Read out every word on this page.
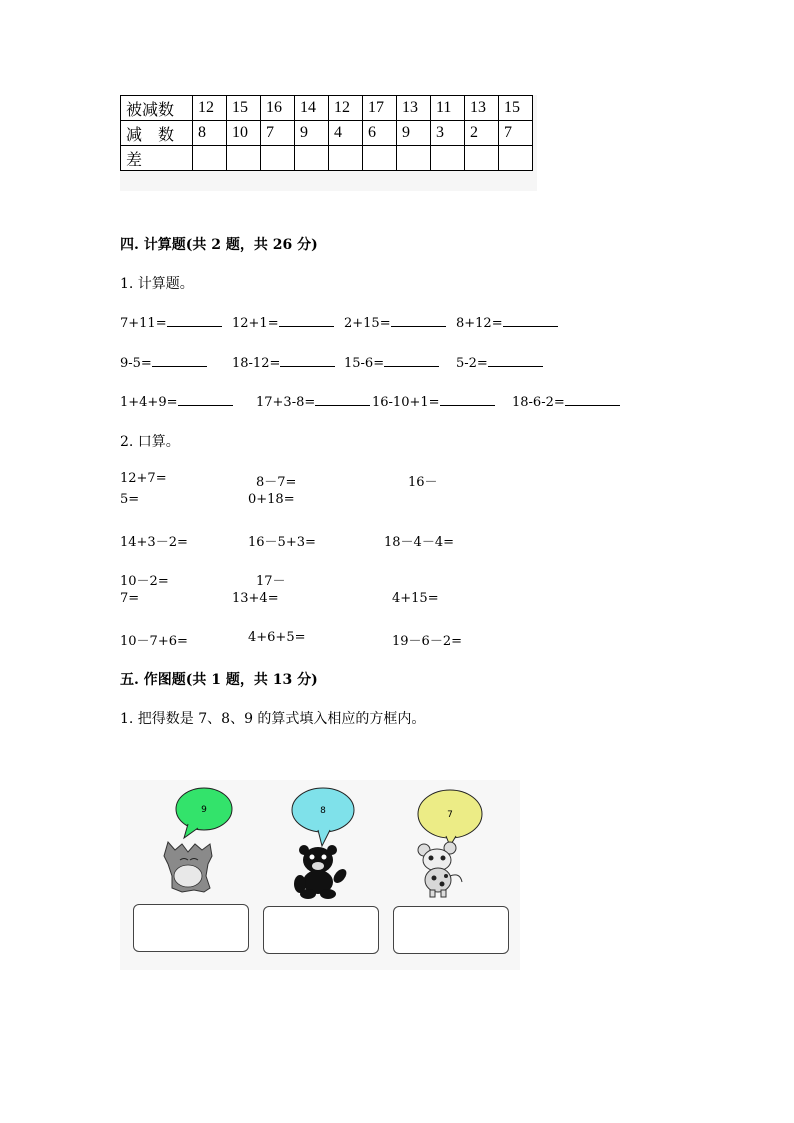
被减数	12	15	16	14	12	17	13	11	13	15
减　数	8	10	7	9	4	6	9	3	2	7
差										
四. 计算题(共 2 题，共 26 分)
1. 计算题。
7+11=	12+1=	2+15=	8+12=
9-5=	18-12=	15-6=	5-2=
1+4+9=	17+3-8=	16-10+1=	18-6-2=
2. 口算。
12+7=	8－7=	16－
5=	0+18=
14+3－2=	16－5+3=	18－4－4=
10－2=	17－
7=	13+4=	4+15=
10－7+6=	4+6+5=	19－6－2=
五. 作图题(共 1 题，共 13 分)
1. 把得数是 7、8、9 的算式填入相应的方框内。
9	8	7
